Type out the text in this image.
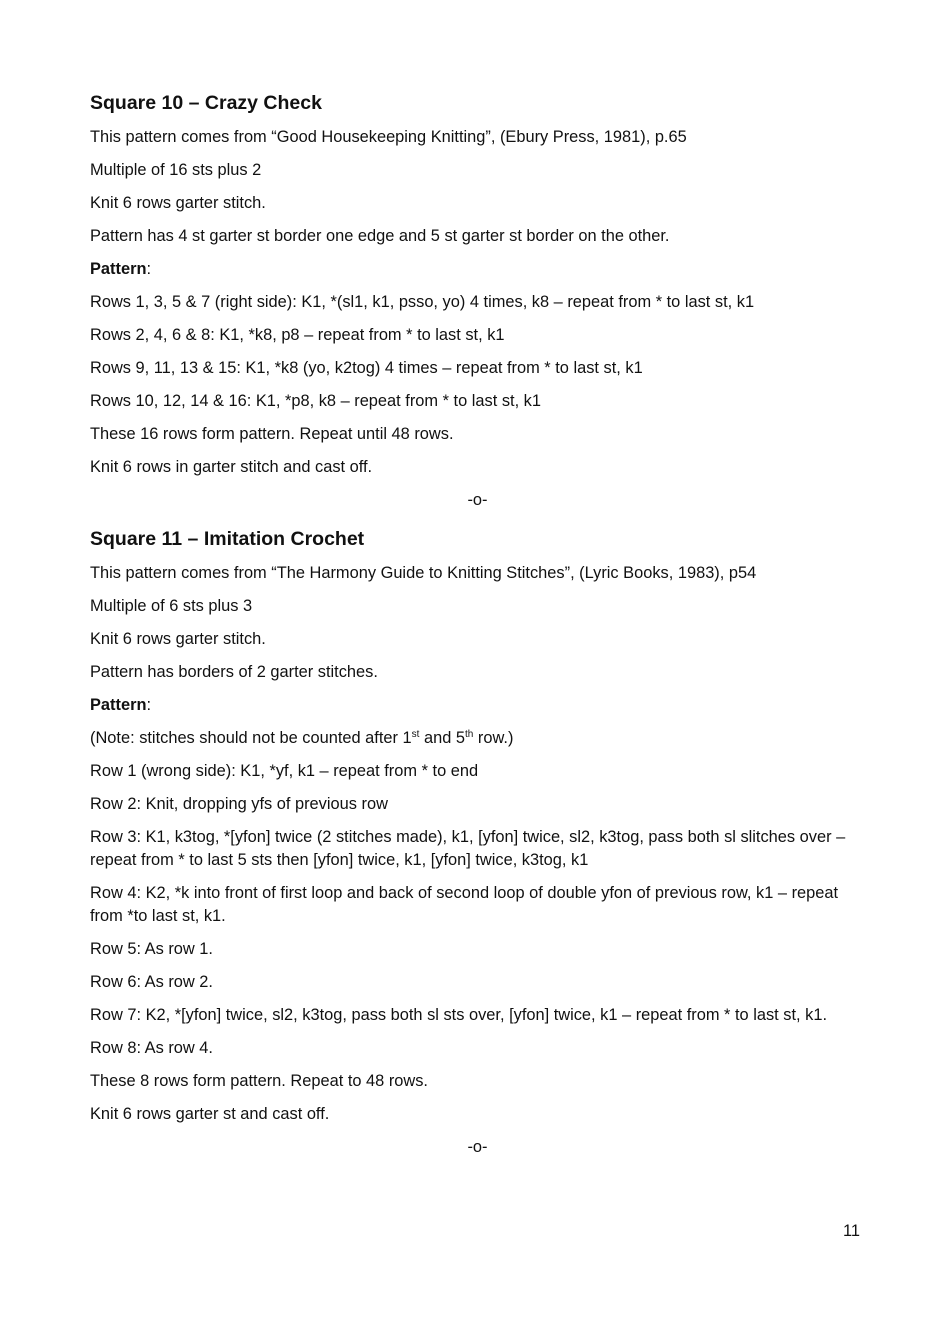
Square 10 – Crazy Check

This pattern comes from “Good Housekeeping Knitting”, (Ebury Press, 1981), p.65

Multiple of 16 sts plus 2

Knit 6 rows garter stitch.

Pattern has 4 st garter st border one edge and 5 st garter st border on the other.

Pattern:

Rows 1, 3, 5 & 7 (right side): K1, *(sl1, k1, psso, yo) 4 times, k8 – repeat from * to last st, k1

Rows 2, 4, 6 & 8: K1, *k8, p8 – repeat from * to last st, k1

Rows 9, 11, 13 & 15: K1, *k8 (yo, k2tog) 4 times – repeat from * to last st, k1

Rows 10, 12, 14 & 16: K1, *p8, k8 – repeat from * to last st, k1

These 16 rows form pattern. Repeat until 48 rows.

Knit 6 rows in garter stitch and cast off.

-o-
Square 11 – Imitation Crochet

This pattern comes from “The Harmony Guide to Knitting Stitches”, (Lyric Books, 1983), p54

Multiple of 6 sts plus 3

Knit 6 rows garter stitch.

Pattern has borders of 2 garter stitches.

Pattern:

(Note: stitches should not be counted after 1st and 5th row.)

Row 1 (wrong side): K1, *yf, k1 – repeat from * to end

Row 2: Knit, dropping yfs of previous row

Row 3: K1, k3tog, *[yfon] twice (2 stitches made), k1, [yfon] twice, sl2, k3tog, pass both sl slitches over – repeat from * to last 5 sts then [yfon] twice, k1, [yfon] twice, k3tog, k1

Row 4: K2, *k into front of first loop and back of second loop of double yfon of previous row, k1 – repeat from *to last st, k1.

Row 5: As row 1.

Row 6: As row 2.

Row 7: K2, *[yfon] twice, sl2, k3tog, pass both sl sts over, [yfon] twice, k1 – repeat from * to last st, k1.

Row 8: As row 4.

These 8 rows form pattern. Repeat to 48 rows.

Knit 6 rows garter st and cast off.

-o-
11
